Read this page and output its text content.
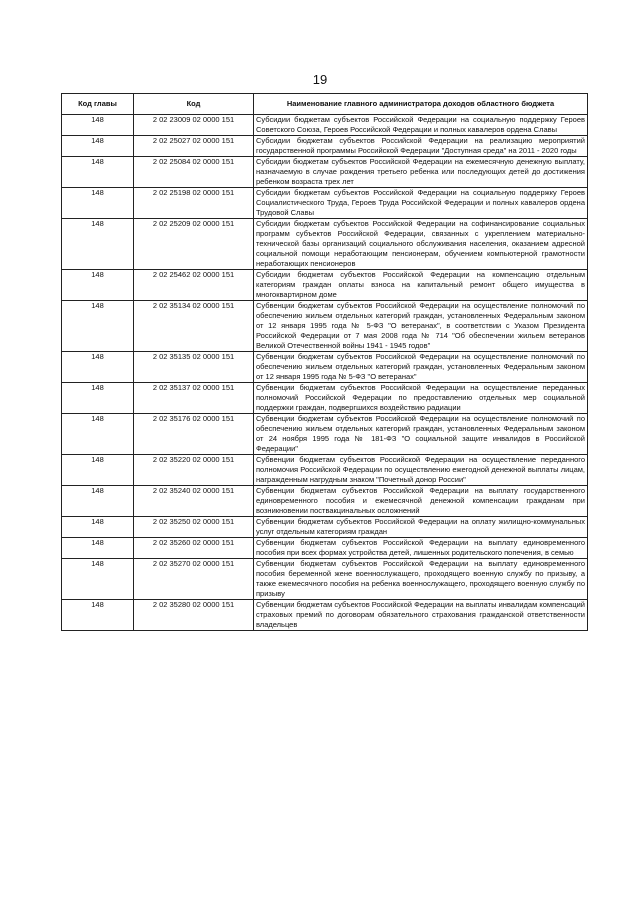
19
Код главы	Код	Наименование главного администратора доходов областного бюджета
148	2 02 23009 02 0000 151	Субсидии бюджетам субъектов Российской Федерации на социальную поддержку Героев Советского Союза, Героев Российской Федерации и полных кавалеров ордена Славы
148	2 02 25027 02 0000 151	Субсидии бюджетам субъектов Российской Федерации на реализацию мероприятий государственной программы Российской Федерации "Доступная среда" на 2011 - 2020 годы
148	2 02 25084 02 0000 151	Субсидии бюджетам субъектов Российской Федерации на ежемесячную денежную выплату, назначаемую в случае рождения третьего ребенка или последующих детей до достижения ребенком возраста трех лет
148	2 02 25198 02 0000 151	Субсидии бюджетам субъектов Российской Федерации на социальную поддержку Героев Социалистического Труда, Героев Труда Российской Федерации и полных кавалеров ордена Трудовой Славы
148	2 02 25209 02 0000 151	Субсидии бюджетам субъектов Российской Федерации на софинансирование социальных программ субъектов Российской Федерации, связанных с укреплением материально-технической базы организаций социального обслуживания населения, оказанием адресной социальной помощи неработающим пенсионерам, обучением компьютерной грамотности неработающих пенсионеров
148	2 02 25462 02 0000 151	Субсидии бюджетам субъектов Российской Федерации на компенсацию отдельным категориям граждан оплаты взноса на капитальный ремонт общего имущества в многоквартирном доме
148	2 02 35134 02 0000 151	Субвенции бюджетам субъектов Российской Федерации на осуществление полномочий по обеспечению жильем отдельных категорий граждан, установленных Федеральным законом от 12 января 1995 года № 5-ФЗ "О ветеранах", в соответствии с Указом Президента Российской Федерации от 7 мая 2008 года № 714 "Об обеспечении жильем ветеранов Великой Отечественной войны 1941 - 1945 годов"
148	2 02 35135 02 0000 151	Субвенции бюджетам субъектов Российской Федерации на осуществление полномочий по обеспечению жильем отдельных категорий граждан, установленных Федеральным законом от 12 января 1995 года № 5-ФЗ "О ветеранах"
148	2 02 35137 02 0000 151	Субвенции бюджетам субъектов Российской Федерации на осуществление переданных полномочий Российской Федерации по предоставлению отдельных мер социальной поддержки граждан, подвергшихся воздействию радиации
148	2 02 35176 02 0000 151	Субвенции бюджетам субъектов Российской Федерации на осуществление полномочий по обеспечению жильем отдельных категорий граждан, установленных Федеральным законом от 24 ноября 1995 года № 181-ФЗ "О социальной защите инвалидов в Российской Федерации"
148	2 02 35220 02 0000 151	Субвенции бюджетам субъектов Российской Федерации на осуществление переданного полномочия Российской Федерации по осуществлению ежегодной денежной выплаты лицам, награжденным нагрудным знаком "Почетный донор России"
148	2 02 35240 02 0000 151	Субвенции бюджетам субъектов Российской Федерации на выплату государственного единовременного пособия и ежемесячной денежной компенсации гражданам при возникновении поствакцинальных осложнений
148	2 02 35250 02 0000 151	Субвенции бюджетам субъектов Российской Федерации на оплату жилищно-коммунальных услуг отдельным категориям граждан
148	2 02 35260 02 0000 151	Субвенции бюджетам субъектов Российской Федерации на выплату единовременного пособия при всех формах устройства детей, лишенных родительского попечения, в семью
148	2 02 35270 02 0000 151	Субвенции бюджетам субъектов Российской Федерации на выплату единовременного пособия беременной жене военнослужащего, проходящего военную службу по призыву, а также ежемесячного пособия на ребенка военнослужащего, проходящего военную службу по призыву
148	2 02 35280 02 0000 151	Субвенции бюджетам субъектов Российской Федерации на выплаты инвалидам компенсаций страховых премий по договорам обязательного страхования гражданской ответственности владельцев
